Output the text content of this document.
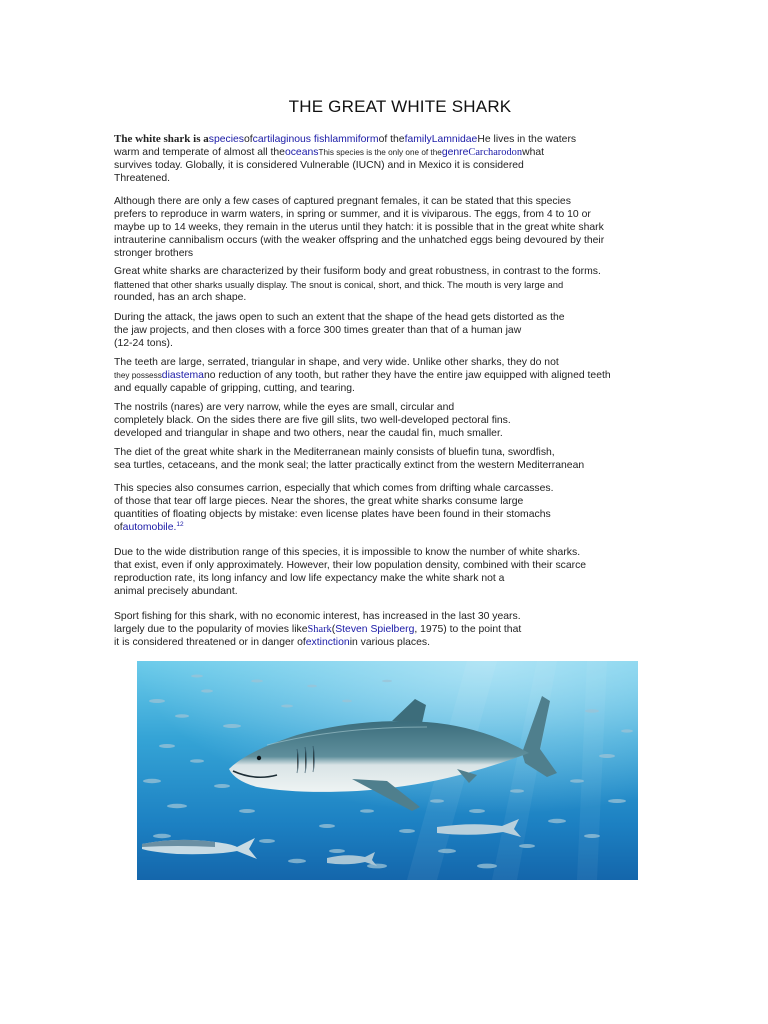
THE GREAT WHITE SHARK

The white shark is aspeciesofcartilaginous fishlammiformof thefamilyLamnidaeHe lives in the waters
warm and temperate of almost all theoceansThis species is the only one of thegenreCarcharodonwhat
survives today. Globally, it is considered Vulnerable (IUCN) and in Mexico it is considered
Threatened.

Although there are only a few cases of captured pregnant females, it can be stated that this species
prefers to reproduce in warm waters, in spring or summer, and it is viviparous. The eggs, from 4 to 10 or
maybe up to 14 weeks, they remain in the uterus until they hatch: it is possible that in the great white shark
intrauterine cannibalism occurs (with the weaker offspring and the unhatched eggs being devoured by their
stronger brothers

Great white sharks are characterized by their fusiform body and great robustness, in contrast to the forms.
flattened that other sharks usually display. The snout is conical, short, and thick. The mouth is very large and
rounded, has an arch shape.

During the attack, the jaws open to such an extent that the shape of the head gets distorted as the
the jaw projects, and then closes with a force 300 times greater than that of a human jaw
(12-24 tons).

The teeth are large, serrated, triangular in shape, and very wide. Unlike other sharks, they do not
they possessdiastemano reduction of any tooth, but rather they have the entire jaw equipped with aligned teeth
and equally capable of gripping, cutting, and tearing.

The nostrils (nares) are very narrow, while the eyes are small, circular and
completely black. On the sides there are five gill slits, two well-developed pectoral fins.
developed and triangular in shape and two others, near the caudal fin, much smaller.

The diet of the great white shark in the Mediterranean mainly consists of bluefin tuna, swordfish,
sea turtles, cetaceans, and the monk seal; the latter practically extinct from the western Mediterranean

This species also consumes carrion, especially that which comes from drifting whale carcasses.
of those that tear off large pieces. Near the shores, the great white sharks consume large
quantities of floating objects by mistake: even license plates have been found in their stomachs
ofautomobile.$^{12}$

Due to the wide distribution range of this species, it is impossible to know the number of white sharks.
that exist, even if only approximately. However, their low population density, combined with their scarce
reproduction rate, its long infancy and low life expectancy make the white shark not a
animal precisely abundant.

Sport fishing for this shark, with no economic interest, has increased in the last 30 years.
largely due to the popularity of movies likeShark(Steven Spielberg, 1975) to the point that
it is considered threatened or in danger ofextinctionin various places.
